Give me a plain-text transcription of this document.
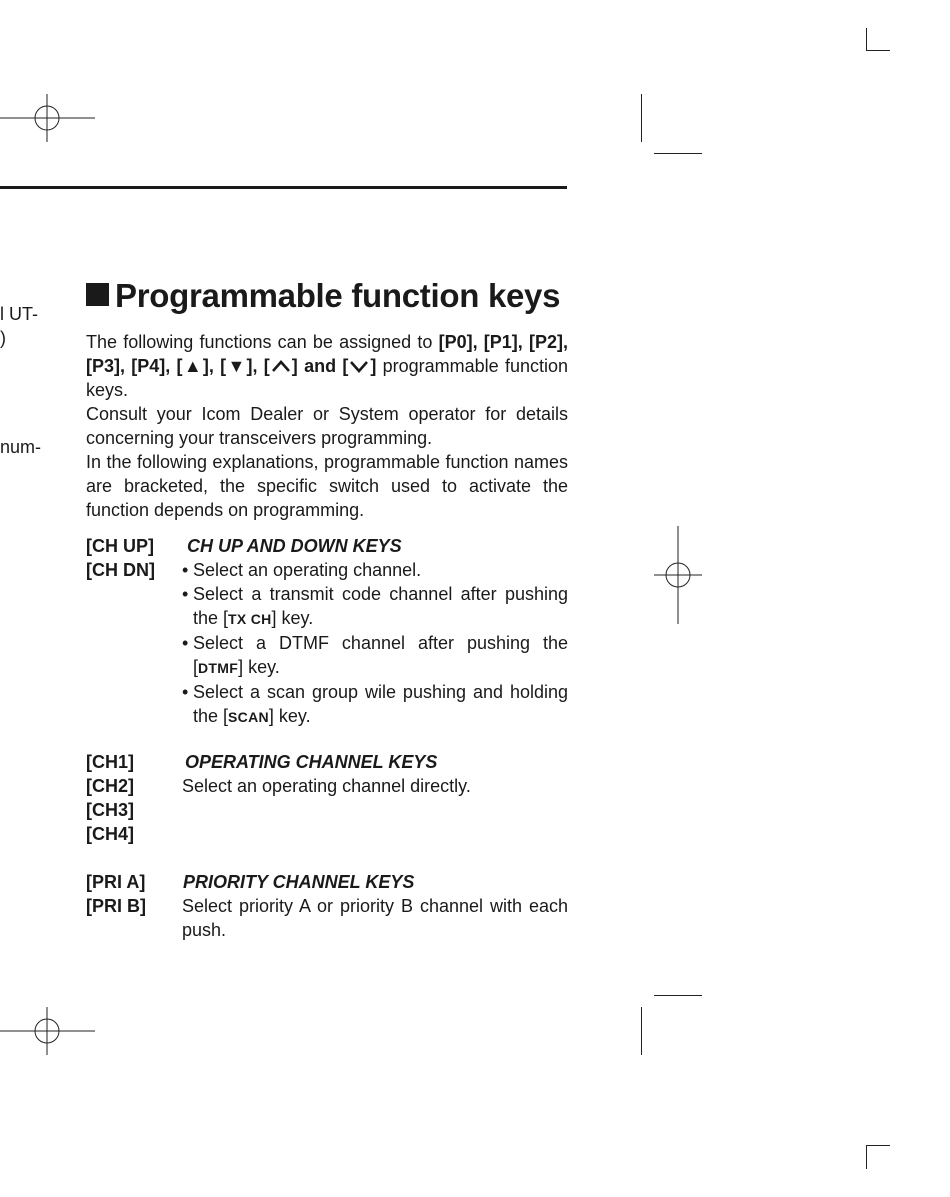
l UT-
)
num-
Programmable function keys

The following functions can be assigned to [P0], [P1], [P2], [P3], [P4], [▲], [▼], [ ] and [ ] programmable function keys.

Consult your Icom Dealer or System operator for details concerning your transceivers programming.

In the following explanations, programmable function names are bracketed, the specific switch used to activate the function depends on programming.

[CH UP]
[CH DN]
CH UP AND DOWN KEYS
• Select an operating channel.
• Select a transmit code channel after pushing the [TX CH] key.
• Select a DTMF channel after pushing the [DTMF] key.
• Select a scan group wile pushing and holding the [SCAN] key.
[CH1]
[CH2]
[CH3]
[CH4]
OPERATING CHANNEL KEYS
Select an operating channel directly.
[PRI A]
[PRI B]
PRIORITY CHANNEL KEYS
Select priority A or priority B channel with each push.
